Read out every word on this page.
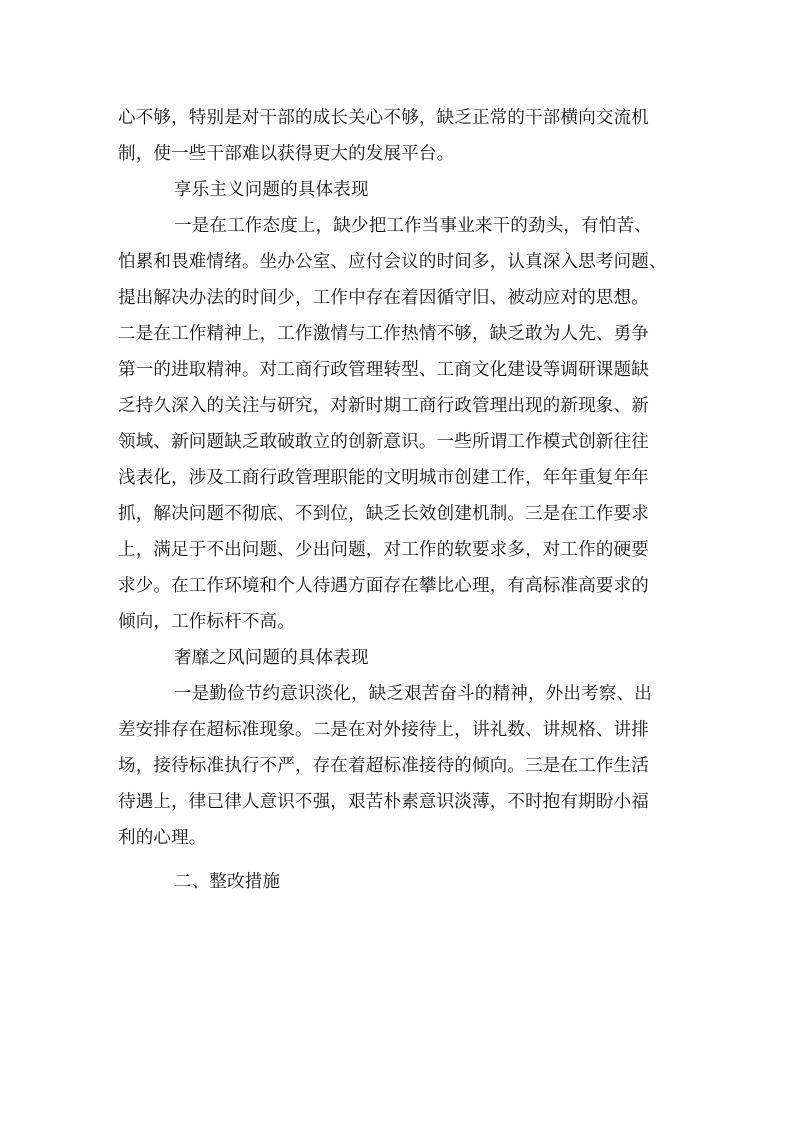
心不够，特别是对干部的成长关心不够，缺乏正常的干部横向交流机
制，使一些干部难以获得更大的发展平台。
享乐主义问题的具体表现
一是在工作态度上，缺少把工作当事业来干的劲头，有怕苦、
怕累和畏难情绪。坐办公室、应付会议的时间多，认真深入思考问题、
提出解决办法的时间少，工作中存在着因循守旧、被动应对的思想。
二是在工作精神上，工作激情与工作热情不够，缺乏敢为人先、勇争
第一的进取精神。对工商行政管理转型、工商文化建设等调研课题缺
乏持久深入的关注与研究，对新时期工商行政管理出现的新现象、新
领域、新问题缺乏敢破敢立的创新意识。一些所谓工作模式创新往往
浅表化，涉及工商行政管理职能的文明城市创建工作，年年重复年年
抓，解决问题不彻底、不到位，缺乏长效创建机制。三是在工作要求
上，满足于不出问题、少出问题，对工作的软要求多，对工作的硬要
求少。在工作环境和个人待遇方面存在攀比心理，有高标准高要求的
倾向，工作标杆不高。
奢靡之风问题的具体表现
一是勤俭节约意识淡化，缺乏艰苦奋斗的精神，外出考察、出
差安排存在超标准现象。二是在对外接待上，讲礼数、讲规格、讲排
场，接待标准执行不严，存在着超标准接待的倾向。三是在工作生活
待遇上，律已律人意识不强，艰苦朴素意识淡薄，不时抱有期盼小福
利的心理。
二、整改措施
